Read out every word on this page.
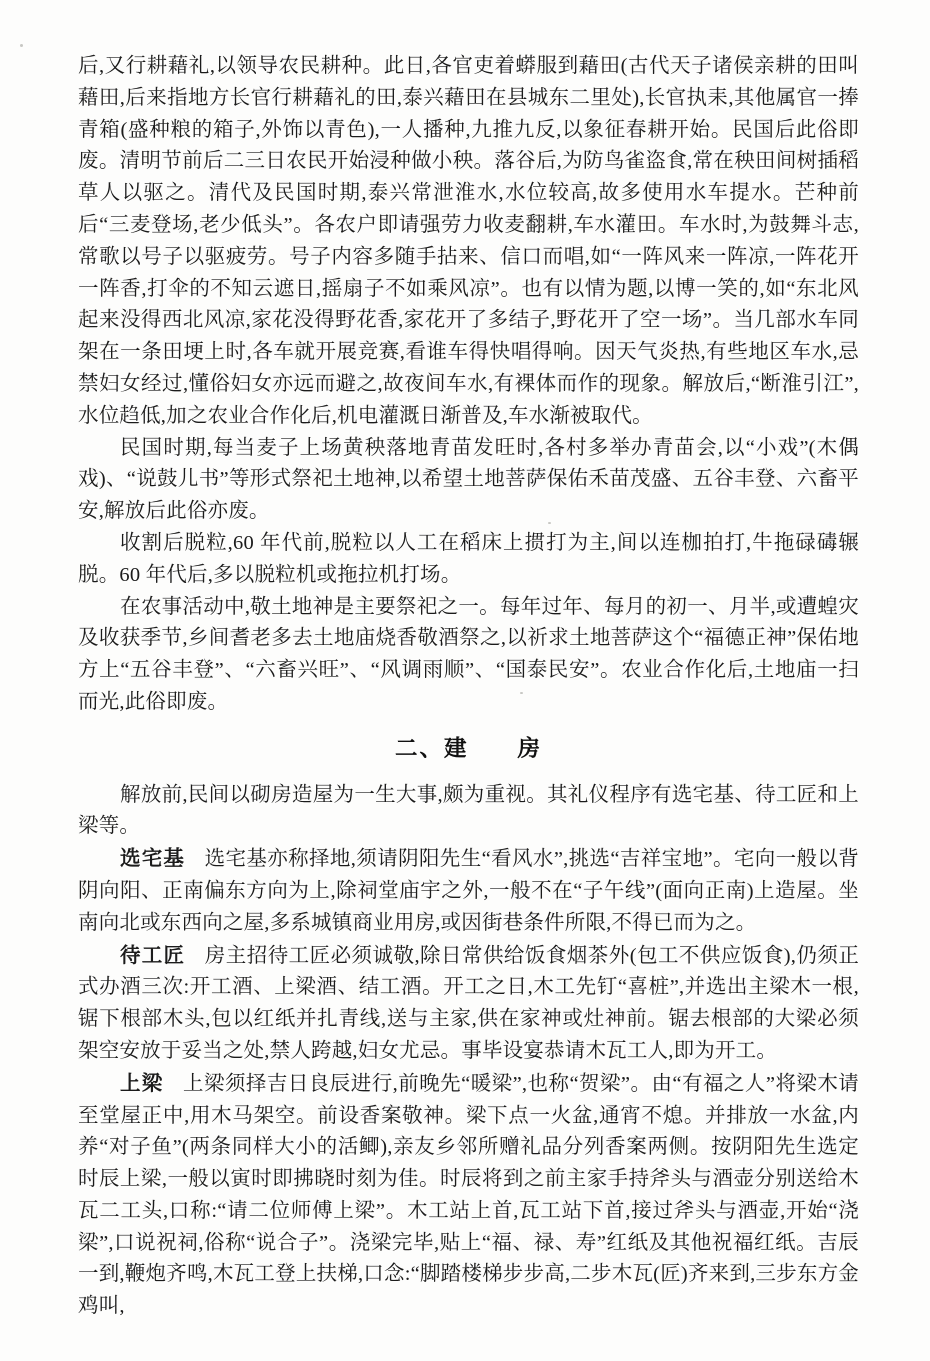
后,又行耕藉礼,以领导农民耕种。此日,各官吏着蟒服到藉田(古代天子诸侯亲耕的田叫藉田,后来指地方长官行耕藉礼的田,泰兴藉田在县城东二里处),长官执耒,其他属官一捧青箱(盛种粮的箱子,外饰以青色),一人播种,九推九反,以象征春耕开始。民国后此俗即废。清明节前后二三日农民开始浸种做小秧。落谷后,为防鸟雀盗食,常在秧田间树插稻草人以驱之。清代及民国时期,泰兴常泄淮水,水位较高,故多使用水车提水。芒种前后“三麦登场,老少低头”。各农户即请强劳力收麦翻耕,车水灌田。车水时,为鼓舞斗志,常歌以号子以驱疲劳。号子内容多随手拈来、信口而唱,如“一阵风来一阵凉,一阵花开一阵香,打伞的不知云遮日,摇扇子不如乘风凉”。也有以情为题,以博一笑的,如“东北风起来没得西北风凉,家花没得野花香,家花开了多结子,野花开了空一场”。当几部水车同架在一条田埂上时,各车就开展竞赛,看谁车得快唱得响。因天气炎热,有些地区车水,忌禁妇女经过,懂俗妇女亦远而避之,故夜间车水,有裸体而作的现象。解放后,“断淮引江”,水位趋低,加之农业合作化后,机电灌溉日渐普及,车水渐被取代。

民国时期,每当麦子上场黄秧落地青苗发旺时,各村多举办青苗会,以“小戏”(木偶戏)、“说鼓儿书”等形式祭祀土地神,以希望土地菩萨保佑禾苗茂盛、五谷丰登、六畜平安,解放后此俗亦废。

收割后脱粒,60 年代前,脱粒以人工在稻床上掼打为主,间以连枷拍打,牛拖碌碡辗脱。60 年代后,多以脱粒机或拖拉机打场。

在农事活动中,敬土地神是主要祭祀之一。每年过年、每月的初一、月半,或遭蝗灾及收获季节,乡间耆老多去土地庙烧香敬酒祭之,以祈求土地菩萨这个“福德正神”保佑地方上“五谷丰登”、“六畜兴旺”、“风调雨顺”、“国泰民安”。农业合作化后,土地庙一扫而光,此俗即废。

二、建　　房

解放前,民间以砌房造屋为一生大事,颇为重视。其礼仪程序有选宅基、待工匠和上梁等。

选宅基 选宅基亦称择地,须请阴阳先生“看风水”,挑选“吉祥宝地”。宅向一般以背阴向阳、正南偏东方向为上,除祠堂庙宇之外,一般不在“子午线”(面向正南)上造屋。坐南向北或东西向之屋,多系城镇商业用房,或因街巷条件所限,不得已而为之。

待工匠 房主招待工匠必须诚敬,除日常供给饭食烟茶外(包工不供应饭食),仍须正式办酒三次:开工酒、上梁酒、结工酒。开工之日,木工先钉“喜桩”,并选出主梁木一根,锯下根部木头,包以红纸并扎青线,送与主家,供在家神或灶神前。锯去根部的大梁必须架空安放于妥当之处,禁人跨越,妇女尤忌。事毕设宴恭请木瓦工人,即为开工。

上梁 上梁须择吉日良辰进行,前晚先“暖梁”,也称“贺梁”。由“有福之人”将梁木请至堂屋正中,用木马架空。前设香案敬神。梁下点一火盆,通宵不熄。并排放一水盆,内养“对子鱼”(两条同样大小的活鲫),亲友乡邻所赠礼品分列香案两侧。按阴阳先生选定时辰上梁,一般以寅时即拂晓时刻为佳。时辰将到之前主家手持斧头与酒壶分别送给木瓦二工头,口称:“请二位师傅上梁”。木工站上首,瓦工站下首,接过斧头与酒壶,开始“浇梁”,口说祝祠,俗称“说合子”。浇梁完毕,贴上“福、禄、寿”红纸及其他祝福红纸。吉辰一到,鞭炮齐鸣,木瓦工登上扶梯,口念:“脚踏楼梯步步高,二步木瓦(匠)齐来到,三步东方金鸡叫,
